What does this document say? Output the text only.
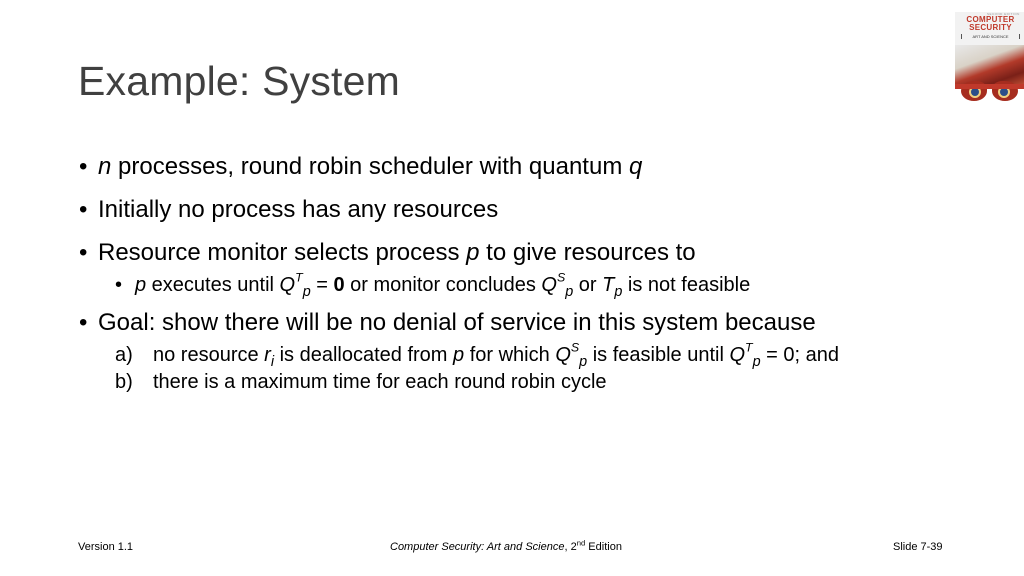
Example: System
SECOND EDITION
COMPUTER SECURITY
ART AND SCIENCE
• n processes, round robin scheduler with quantum q
• Initially no process has any resources
• Resource monitor selects process p to give resources to
• p executes until $Q^T_p = 0$ or monitor concludes $Q^S_p$ or $T_p$ is not feasible
• Goal: show there will be no denial of service in this system because
a) no resource $r_i$ is deallocated from p for which $Q^S_p$ is feasible until $Q^T_p = 0$; and
b) there is a maximum time for each round robin cycle
Version 1.1	Computer Security: Art and Science, 2nd Edition	Slide 7-39
